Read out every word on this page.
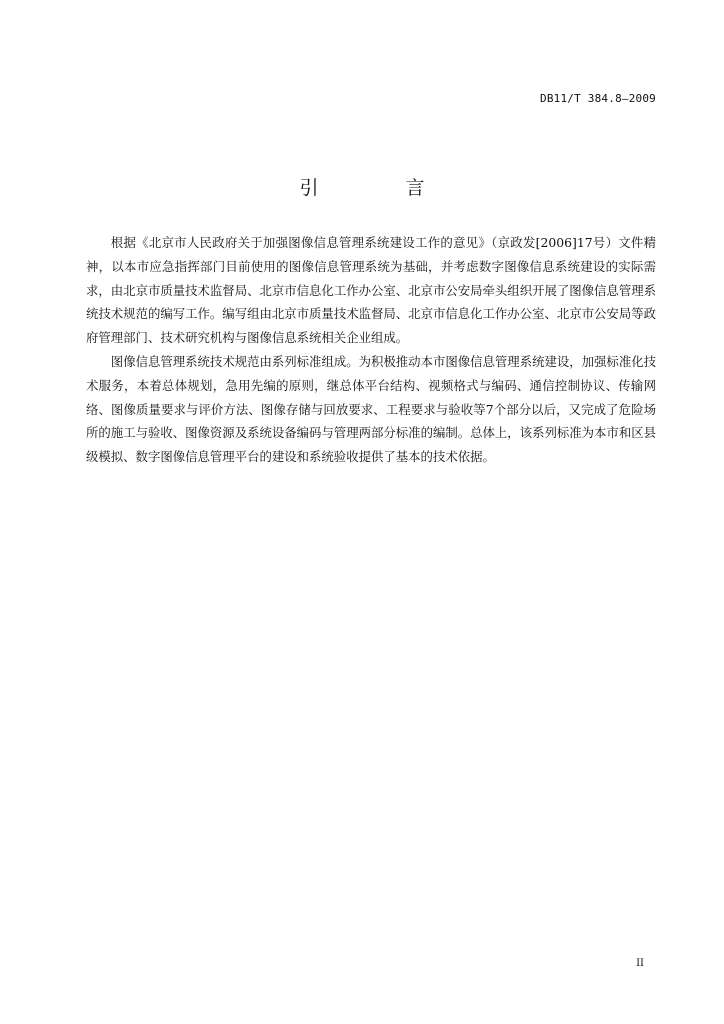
DB11/T 384.8—2009
引　言

根据《北京市人民政府关于加强图像信息管理系统建设工作的意见》（京政发[2006]17号）文件精神，以本市应急指挥部门目前使用的图像信息管理系统为基础，并考虑数字图像信息系统建设的实际需求，由北京市质量技术监督局、北京市信息化工作办公室、北京市公安局牵头组织开展了图像信息管理系统技术规范的编写工作。编写组由北京市质量技术监督局、北京市信息化工作办公室、北京市公安局等政府管理部门、技术研究机构与图像信息系统相关企业组成。

图像信息管理系统技术规范由系列标准组成。为积极推动本市图像信息管理系统建设，加强标准化技术服务，本着总体规划，急用先编的原则，继总体平台结构、视频格式与编码、通信控制协议、传输网络、图像质量要求与评价方法、图像存储与回放要求、工程要求与验收等7个部分以后，又完成了危险场所的施工与验收、图像资源及系统设备编码与管理两部分标准的编制。总体上，该系列标准为本市和区县级模拟、数字图像信息管理平台的建设和系统验收提供了基本的技术依据。

II
